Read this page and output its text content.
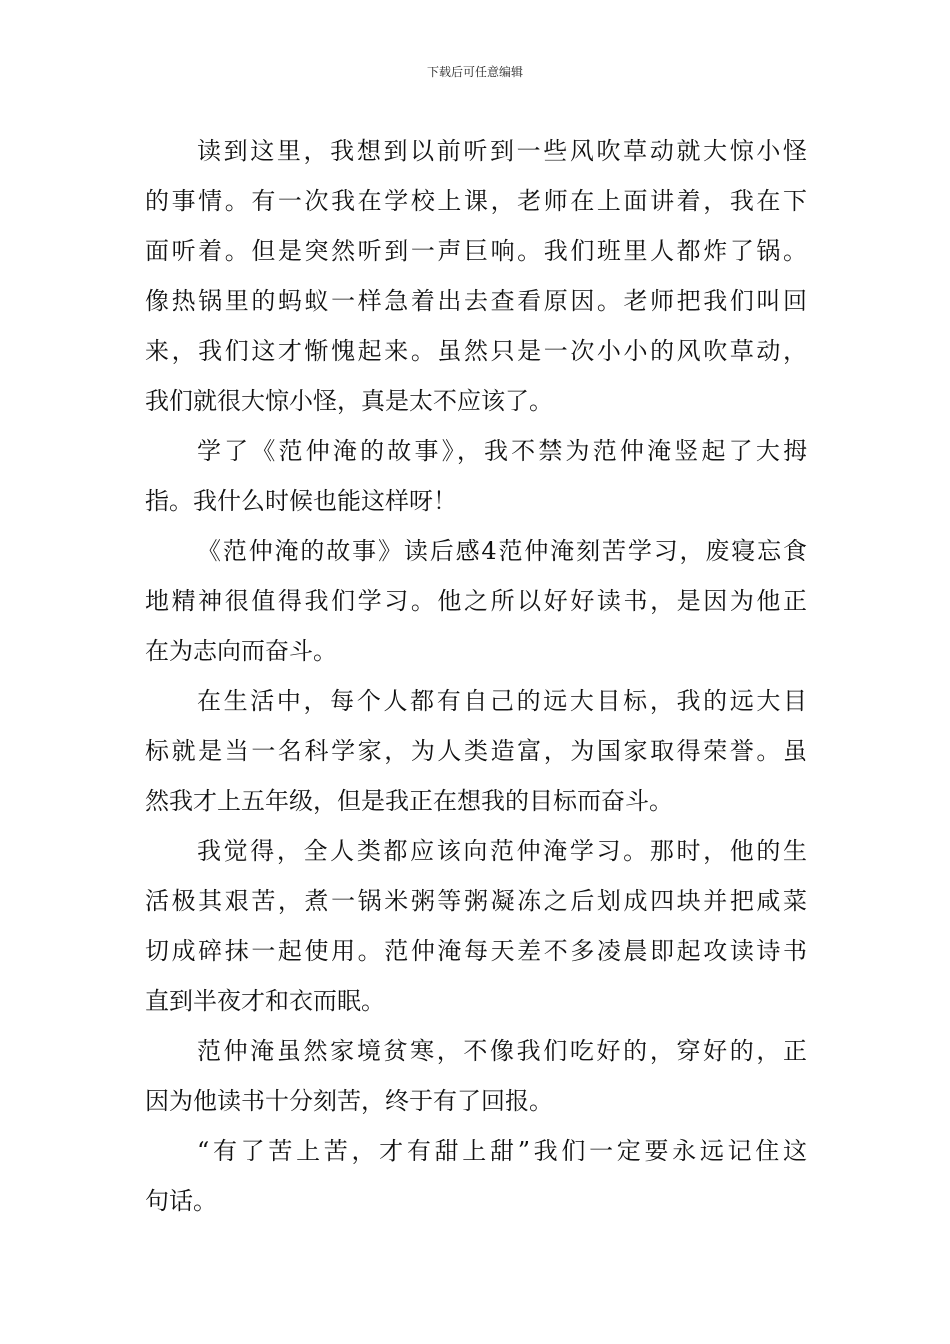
下载后可任意编辑
读到这里，我想到以前听到一些风吹草动就大惊小怪
的事情。有一次我在学校上课，老师在上面讲着，我在下
面听着。但是突然听到一声巨响。我们班里人都炸了锅。
像热锅里的蚂蚁一样急着出去查看原因。老师把我们叫回
来，我们这才惭愧起来。虽然只是一次小小的风吹草动，
我们就很大惊小怪，真是太不应该了。
学了《范仲淹的故事》，我不禁为范仲淹竖起了大拇
指。我什么时候也能这样呀！
《范仲淹的故事》读后感4范仲淹刻苦学习，废寝忘食
地精神很值得我们学习。他之所以好好读书，是因为他正
在为志向而奋斗。
在生活中，每个人都有自己的远大目标，我的远大目
标就是当一名科学家，为人类造富，为国家取得荣誉。虽
然我才上五年级，但是我正在想我的目标而奋斗。
我觉得，全人类都应该向范仲淹学习。那时，他的生
活极其艰苦，煮一锅米粥等粥凝冻之后划成四块并把咸菜
切成碎抹一起使用。范仲淹每天差不多凌晨即起攻读诗书
直到半夜才和衣而眠。
范仲淹虽然家境贫寒，不像我们吃好的，穿好的，正
因为他读书十分刻苦，终于有了回报。
“有了苦上苦，才有甜上甜”我们一定要永远记住这
句话。
